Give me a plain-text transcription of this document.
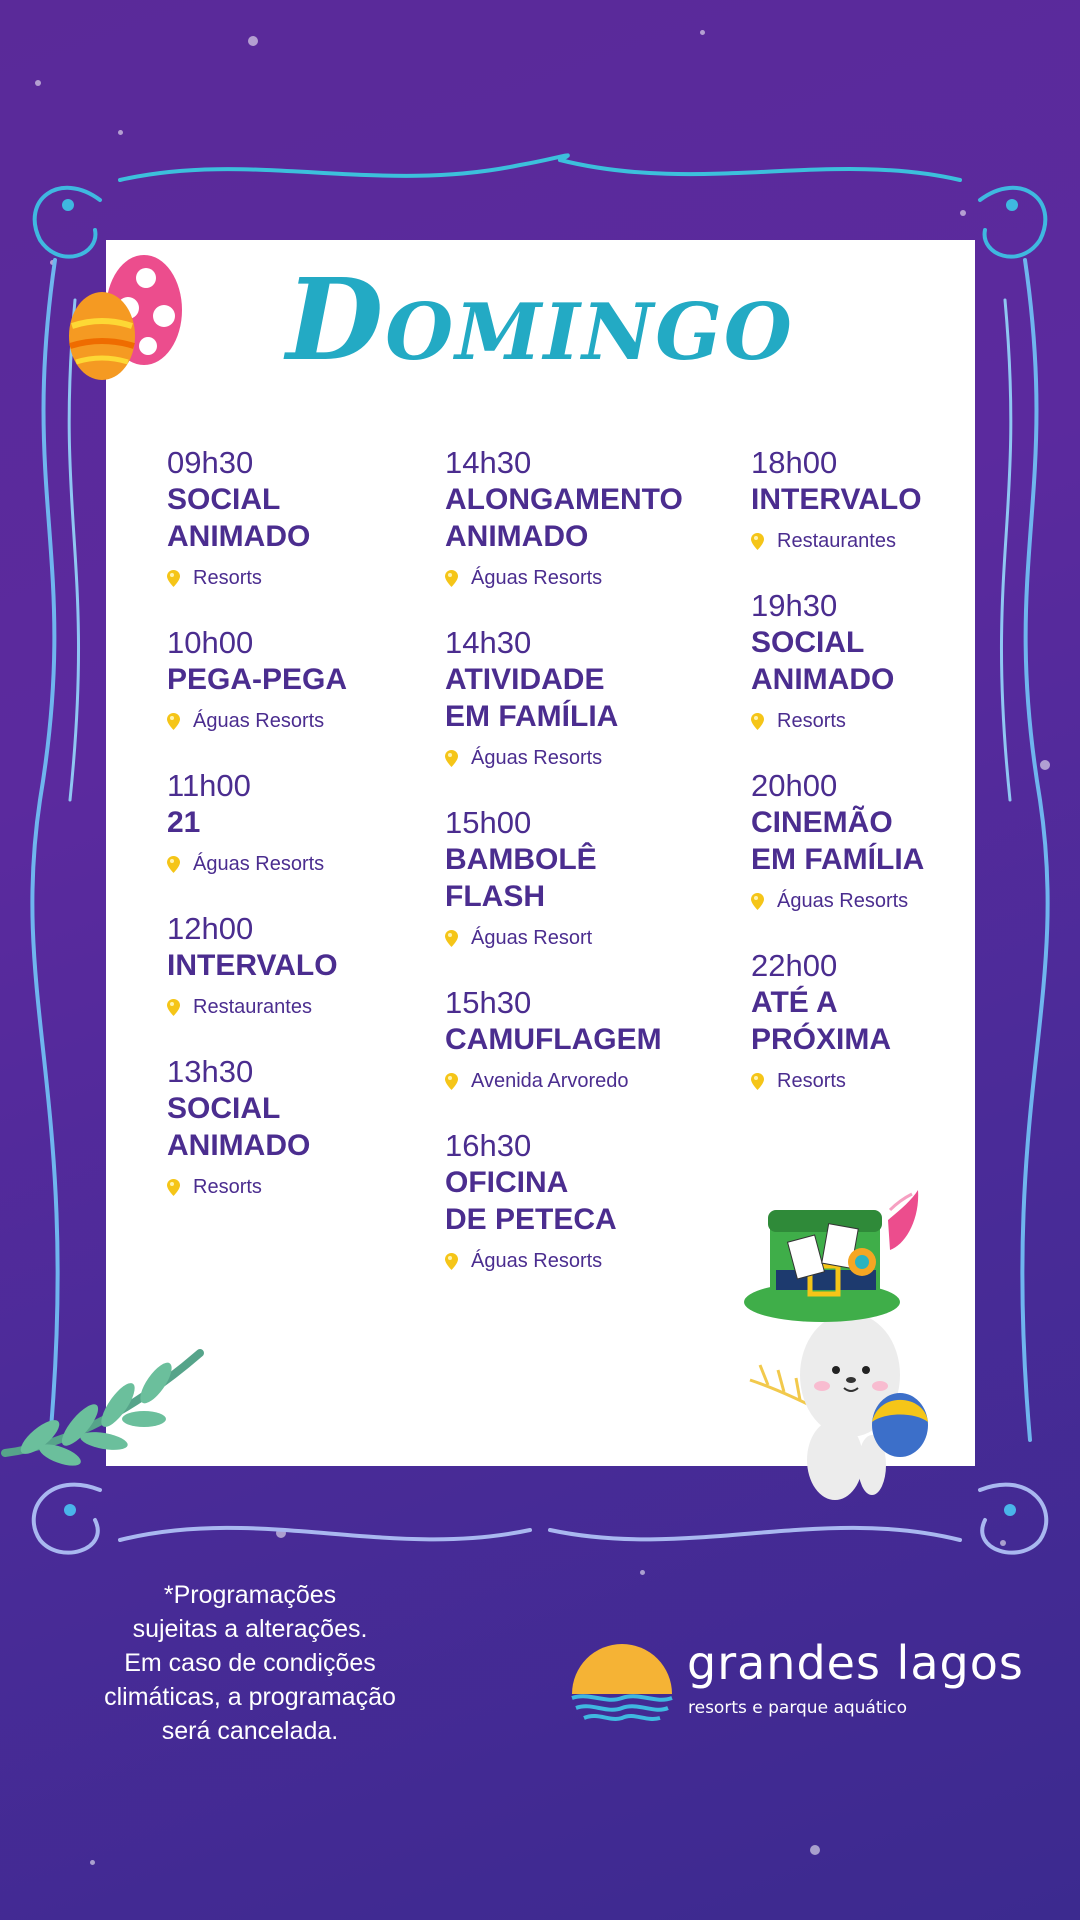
Domingo
09h30
SOCIAL
ANIMADO
Resorts
10h00
PEGA-PEGA
Águas Resorts
11h00
21
Águas Resorts
12h00
INTERVALO
Restaurantes
13h30
SOCIAL
ANIMADO
Resorts
14h30
ALONGAMENTO
ANIMADO
Águas Resorts
14h30
ATIVIDADE
EM FAMÍLIA
Águas Resorts
15h00
BAMBOLÊ
FLASH
Águas Resort
15h30
CAMUFLAGEM
Avenida Arvoredo
16h30
OFICINA
DE PETECA
Águas Resorts
18h00
INTERVALO
Restaurantes
19h30
SOCIAL
ANIMADO
Resorts
20h00
CINEMÃO
EM FAMÍLIA
Águas Resorts
22h00
ATÉ A
PRÓXIMA
Resorts
*Programações
sujeitas a alterações.
Em caso de condições
climáticas, a programação
será cancelada.
grandes lagos
resorts e parque aquático
